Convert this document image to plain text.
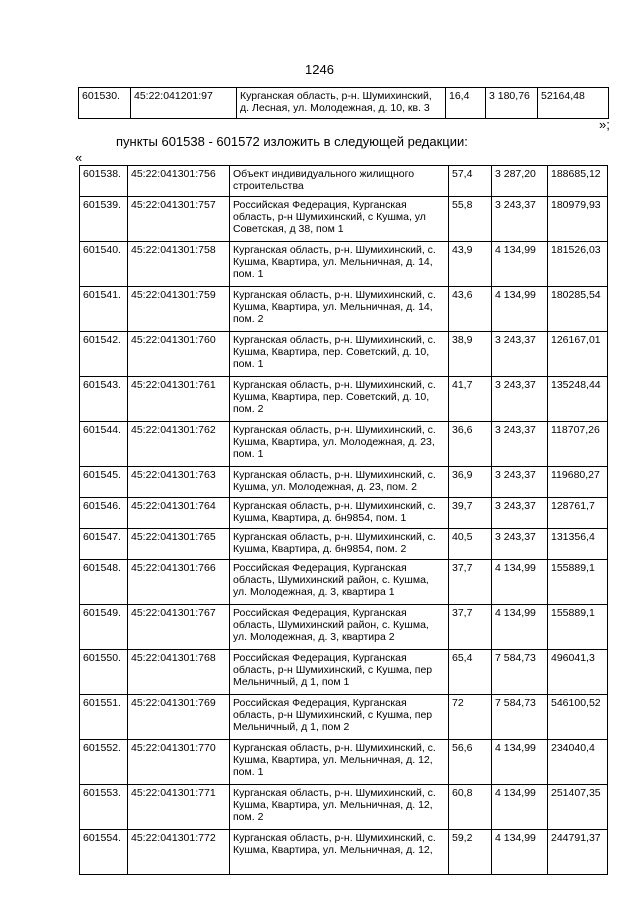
1246
601530.	45:22:041201:97	Курганская область, р-н. Шумихинский, д. Лесная, ул. Молодежная, д. 10, кв. 3	16,4	3 180,76	52164,48
»;
пункты 601538 - 601572 изложить в следующей редакции:
«
601538.	45:22:041301:756	Объект индивидуального жилищного строительства	57,4	3 287,20	188685,12
601539.	45:22:041301:757	Российская Федерация, Курганская область, р-н Шумихинский, с Кушма, ул Советская, д 38, пом 1	55,8	3 243,37	180979,93
601540.	45:22:041301:758	Курганская область, р-н. Шумихинский, с. Кушма, Квартира, ул. Мельничная, д. 14, пом. 1	43,9	4 134,99	181526,03
601541.	45:22:041301:759	Курганская область, р-н. Шумихинский, с. Кушма, Квартира, ул. Мельничная, д. 14, пом. 2	43,6	4 134,99	180285,54
601542.	45:22:041301:760	Курганская область, р-н. Шумихинский, с. Кушма, Квартира, пер. Советский, д. 10, пом. 1	38,9	3 243,37	126167,01
601543.	45:22:041301:761	Курганская область, р-н. Шумихинский, с. Кушма, Квартира, пер. Советский, д. 10, пом. 2	41,7	3 243,37	135248,44
601544.	45:22:041301:762	Курганская область, р-н. Шумихинский, с. Кушма, Квартира, ул. Молодежная, д. 23, пом. 1	36,6	3 243,37	118707,26
601545.	45:22:041301:763	Курганская область, р-н. Шумихинский, с. Кушма, ул. Молодежная, д. 23, пом. 2	36,9	3 243,37	119680,27
601546.	45:22:041301:764	Курганская область, р-н. Шумихинский, с. Кушма, Квартира, д. бн9854, пом. 1	39,7	3 243,37	128761,7
601547.	45:22:041301:765	Курганская область, р-н. Шумихинский, с. Кушма, Квартира, д. бн9854, пом. 2	40,5	3 243,37	131356,4
601548.	45:22:041301:766	Российская Федерация, Курганская область, Шумихинский район, с. Кушма, ул. Молодежная, д. 3, квартира 1	37,7	4 134,99	155889,1
601549.	45:22:041301:767	Российская Федерация, Курганская область, Шумихинский район, с. Кушма, ул. Молодежная, д. 3, квартира 2	37,7	4 134,99	155889,1
601550.	45:22:041301:768	Российская Федерация, Курганская область, р-н Шумихинский, с Кушма, пер Мельничный, д 1, пом 1	65,4	7 584,73	496041,3
601551.	45:22:041301:769	Российская Федерация, Курганская область, р-н Шумихинский, с Кушма, пер Мельничный, д 1, пом 2	72	7 584,73	546100,52
601552.	45:22:041301:770	Курганская область, р-н. Шумихинский, с. Кушма, Квартира, ул. Мельничная, д. 12, пом. 1	56,6	4 134,99	234040,4
601553.	45:22:041301:771	Курганская область, р-н. Шумихинский, с. Кушма, Квартира, ул. Мельничная, д. 12, пом. 2	60,8	4 134,99	251407,35
601554.	45:22:041301:772	Курганская область, р-н. Шумихинский, с. Кушма, Квартира, ул. Мельничная, д. 12,	59,2	4 134,99	244791,37
